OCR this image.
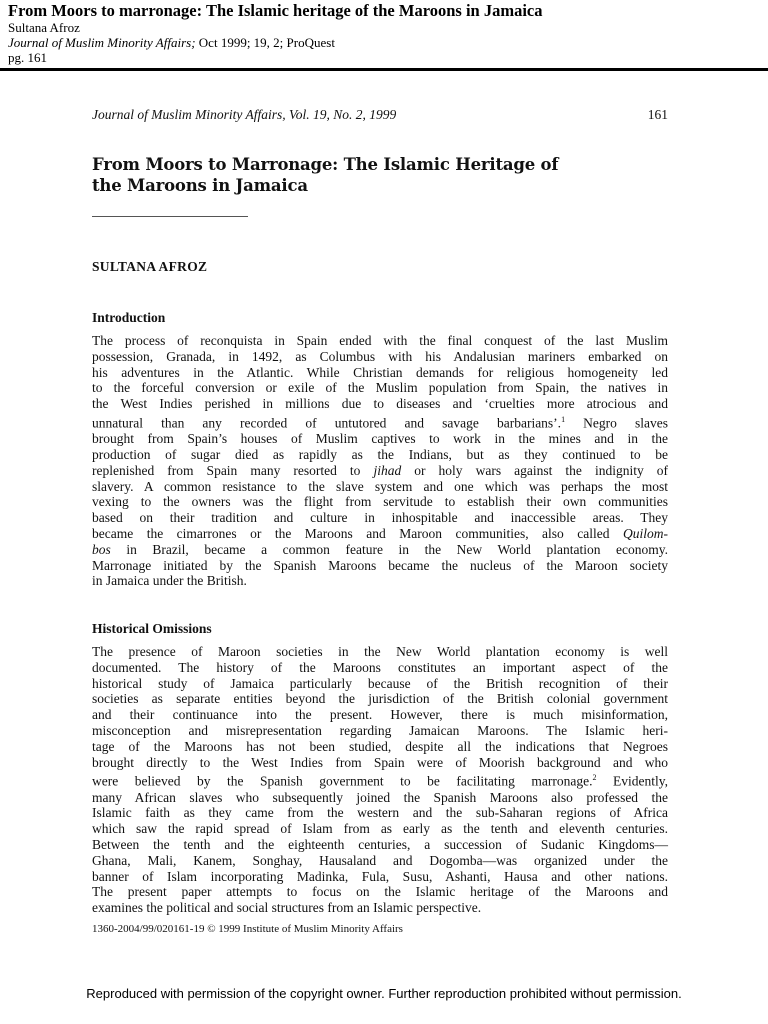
From Moors to marronage: The Islamic heritage of the Maroons in Jamaica
Sultana Afroz
Journal of Muslim Minority Affairs; Oct 1999; 19, 2; ProQuest
pg. 161
Journal of Muslim Minority Affairs, Vol. 19, No. 2, 1999	161
From Moors to Marronage: The Islamic Heritage of
the Maroons in Jamaica
SULTANA AFROZ
Introduction
The process of reconquista in Spain ended with the final conquest of the last Muslim
possession, Granada, in 1492, as Columbus with his Andalusian mariners embarked on
his adventures in the Atlantic. While Christian demands for religious homogeneity led
to the forceful conversion or exile of the Muslim population from Spain, the natives in
the West Indies perished in millions due to diseases and ‘cruelties more atrocious and
unnatural than any recorded of untutored and savage barbarians’.$^1$ Negro slaves
brought from Spain’s houses of Muslim captives to work in the mines and in the
production of sugar died as rapidly as the Indians, but as they continued to be
replenished from Spain many resorted to jihad or holy wars against the indignity of
slavery. A common resistance to the slave system and one which was perhaps the most
vexing to the owners was the flight from servitude to establish their own communities
based on their tradition and culture in inhospitable and inaccessible areas. They
became the cimarrones or the Maroons and Maroon communities, also called Quilom-
bos in Brazil, became a common feature in the New World plantation economy.
Marronage initiated by the Spanish Maroons became the nucleus of the Maroon society
in Jamaica under the British.
Historical Omissions
The presence of Maroon societies in the New World plantation economy is well
documented. The history of the Maroons constitutes an important aspect of the
historical study of Jamaica particularly because of the British recognition of their
societies as separate entities beyond the jurisdiction of the British colonial government
and their continuance into the present. However, there is much misinformation,
misconception and misrepresentation regarding Jamaican Maroons. The Islamic heri-
tage of the Maroons has not been studied, despite all the indications that Negroes
brought directly to the West Indies from Spain were of Moorish background and who
were believed by the Spanish government to be facilitating marronage.$^2$ Evidently,
many African slaves who subsequently joined the Spanish Maroons also professed the
Islamic faith as they came from the western and the sub-Saharan regions of Africa
which saw the rapid spread of Islam from as early as the tenth and eleventh centuries.
Between the tenth and the eighteenth centuries, a succession of Sudanic Kingdoms—
Ghana, Mali, Kanem, Songhay, Hausaland and Dogomba—was organized under the
banner of Islam incorporating Madinka, Fula, Susu, Ashanti, Hausa and other nations.
The present paper attempts to focus on the Islamic heritage of the Maroons and
examines the political and social structures from an Islamic perspective.
1360-2004/99/020161-19 © 1999 Institute of Muslim Minority Affairs
Reproduced with permission of the copyright owner. Further reproduction prohibited without permission.
